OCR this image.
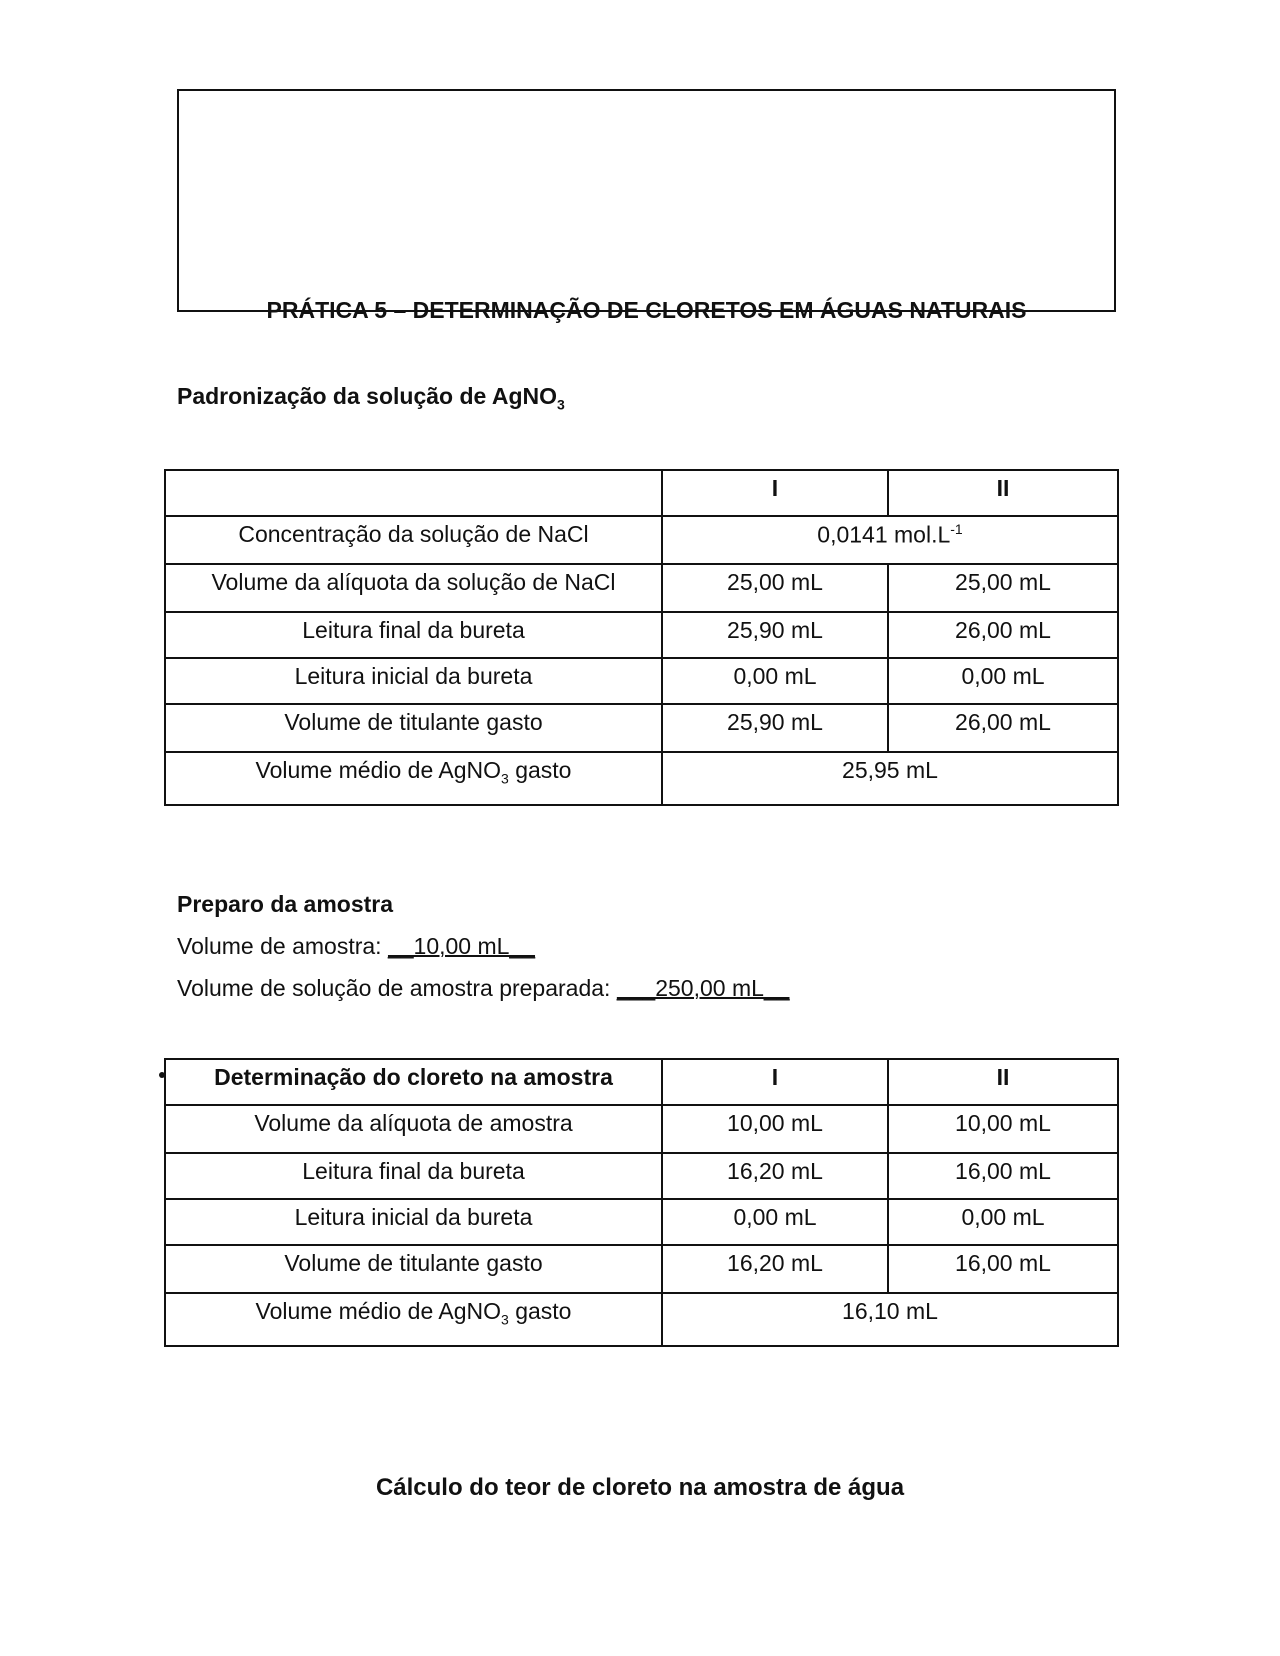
PRÁTICA 5 – DETERMINAÇÃO DE CLORETOS EM ÁGUAS NATURAIS
Padronização da solução de AgNO$_3$
	I	II
Concentração da solução de NaCl	0,0141 $mol.L^{-1}$
Volume da alíquota da solução de NaCl	25,00 mL	25,00 mL
Leitura final da bureta	25,90 mL	26,00 mL
Leitura inicial da bureta	0,00 mL	0,00 mL
Volume de titulante gasto	25,90 mL	26,00 mL
Volume médio de AgNO$_3$ gasto	25,95 mL	
Preparo da amostra
Volume de amostra: __10,00 mL__
Volume de solução de amostra preparada: ___250,00 mL__
Determinação do cloreto na amostra	I	II
Volume da alíquota de amostra	10,00 mL	10,00 mL
Leitura final da bureta	16,20 mL	16,00 mL
Leitura inicial da bureta	0,00 mL	0,00 mL
Volume de titulante gasto	16,20 mL	16,00 mL
Volume médio de AgNO$_3$ gasto	16,10 mL	
Cálculo do teor de cloreto na amostra de água
